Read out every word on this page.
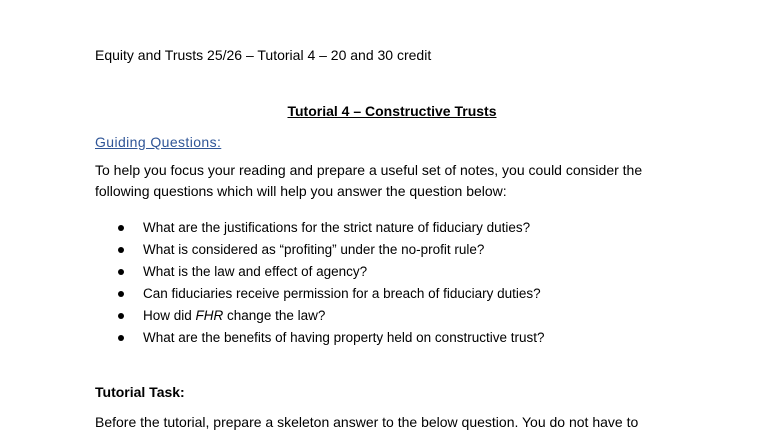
Equity and Trusts 25/26 – Tutorial 4 – 20 and 30 credit
Tutorial 4 – Constructive Trusts
Guiding Questions:
To help you focus your reading and prepare a useful set of notes, you could consider the
following questions which will help you answer the question below:
What are the justifications for the strict nature of fiduciary duties?
What is considered as “profiting” under the no-profit rule?
What is the law and effect of agency?
Can fiduciaries receive permission for a breach of fiduciary duties?
How did FHR change the law?
What are the benefits of having property held on constructive trust?
Tutorial Task:
Before the tutorial, prepare a skeleton answer to the below question. You do not have to
